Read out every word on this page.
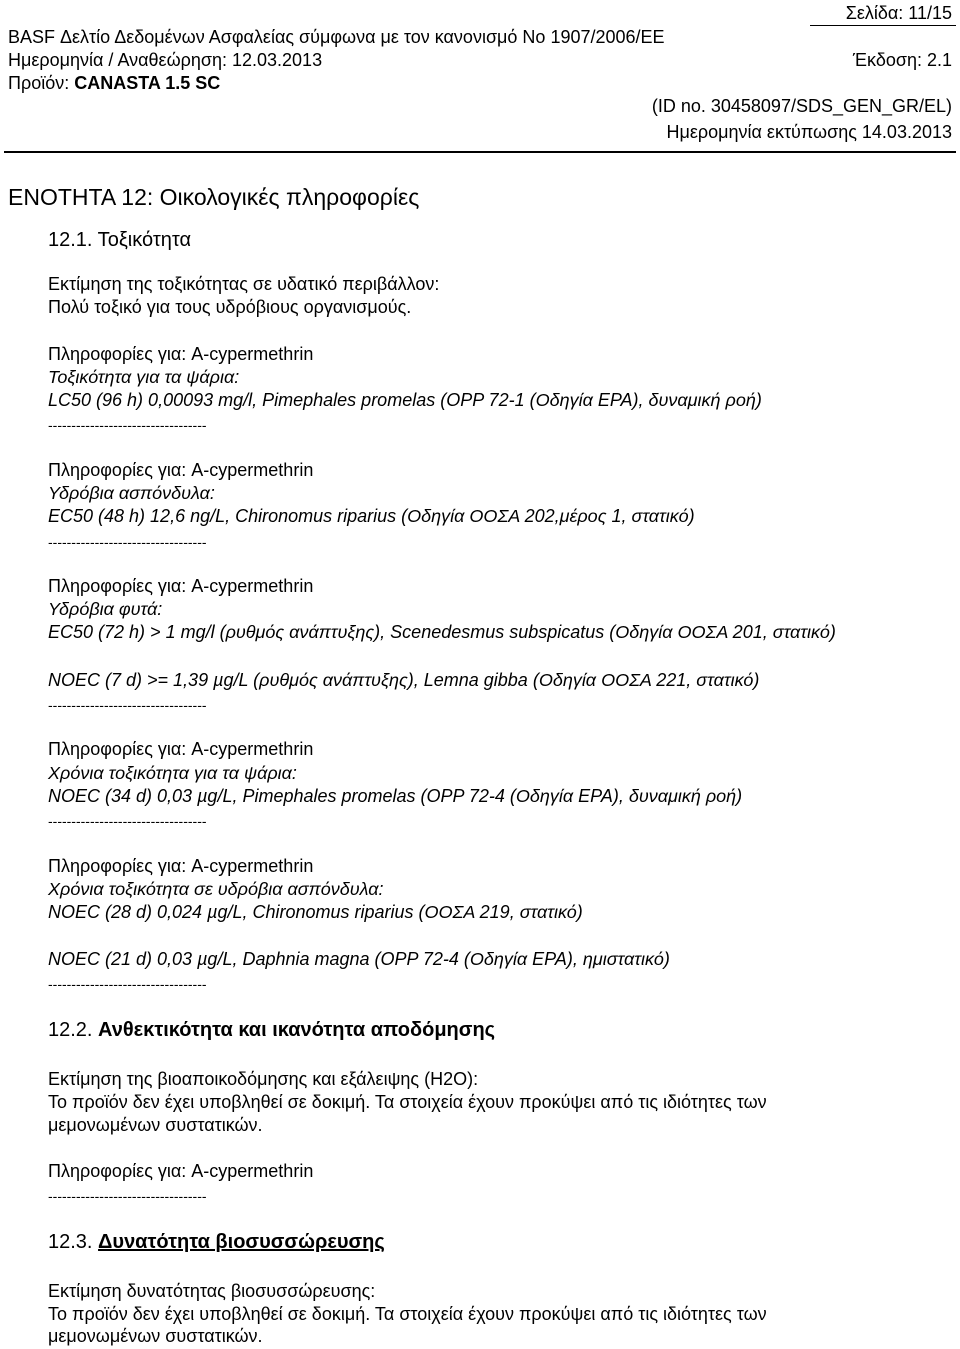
Σελίδα: 11/15
BASF Δελτίο Δεδομένων Ασφαλείας σύμφωνα με τον κανονισμό No 1907/2006/ΕΕ
Ημερομηνία / Αναθεώρηση: 12.03.2013	Έκδοση: 2.1
Προϊόν: CANASTA 1.5 SC
(ID no. 30458097/SDS_GEN_GR/EL)
Ημερομηνία εκτύπωσης 14.03.2013
ΕΝΟΤΗΤΑ 12: Οικολογικές πληροφορίες
12.1. Τοξικότητα
Εκτίμηση της τοξικότητας σε υδατικό περιβάλλον:
Πολύ τοξικό για τους υδρόβιους οργανισμούς.
Πληροφορίες για: A-cypermethrin
Τοξικότητα για τα ψάρια:
LC50 (96 h) 0,00093 mg/l, Pimephales promelas (OPP 72-1 (Οδηγία EPA), δυναμική ροή)
----------------------------------
Πληροφορίες για: A-cypermethrin
Υδρόβια ασπόνδυλα:
EC50 (48 h) 12,6 ng/L, Chironomus riparius (Οδηγία ΟΟΣΑ 202,μέρος 1, στατικό)
----------------------------------
Πληροφορίες για: A-cypermethrin
Υδρόβια φυτά:
EC50 (72 h) > 1 mg/l (ρυθμός ανάπτυξης), Scenedesmus subspicatus (Οδηγία ΟΟΣΑ 201, στατικό)
NOEC (7 d) >= 1,39 µg/L (ρυθμός ανάπτυξης), Lemna gibba (Οδηγία ΟΟΣΑ 221, στατικό)
----------------------------------
Πληροφορίες για: A-cypermethrin
Χρόνια τοξικότητα για τα ψάρια:
NOEC (34 d) 0,03 µg/L, Pimephales promelas (OPP 72-4 (Οδηγία EPA), δυναμική ροή)
----------------------------------
Πληροφορίες για: A-cypermethrin
Χρόνια τοξικότητα σε υδρόβια ασπόνδυλα:
NOEC (28 d) 0,024 µg/L, Chironomus riparius (ΟΟΣΑ 219, στατικό)
NOEC (21 d) 0,03 µg/L, Daphnia magna (OPP 72-4 (Οδηγία EPA), ημιστατικό)
----------------------------------
12.2. Ανθεκτικότητα και ικανότητα αποδόμησης
Εκτίμηση της βιοαποικοδόμησης και εξάλειψης (H2O):
Το προϊόν δεν έχει υποβληθεί σε δοκιμή. Τα στοιχεία έχουν προκύψει από τις ιδιότητες των
μεμονωμένων συστατικών.
Πληροφορίες για: A-cypermethrin
----------------------------------
12.3. Δυνατότητα βιοσυσσώρευσης
Εκτίμηση δυνατότητας βιοσυσσώρευσης:
Το προϊόν δεν έχει υποβληθεί σε δοκιμή. Τα στοιχεία έχουν προκύψει από τις ιδιότητες των
μεμονωμένων συστατικών.
